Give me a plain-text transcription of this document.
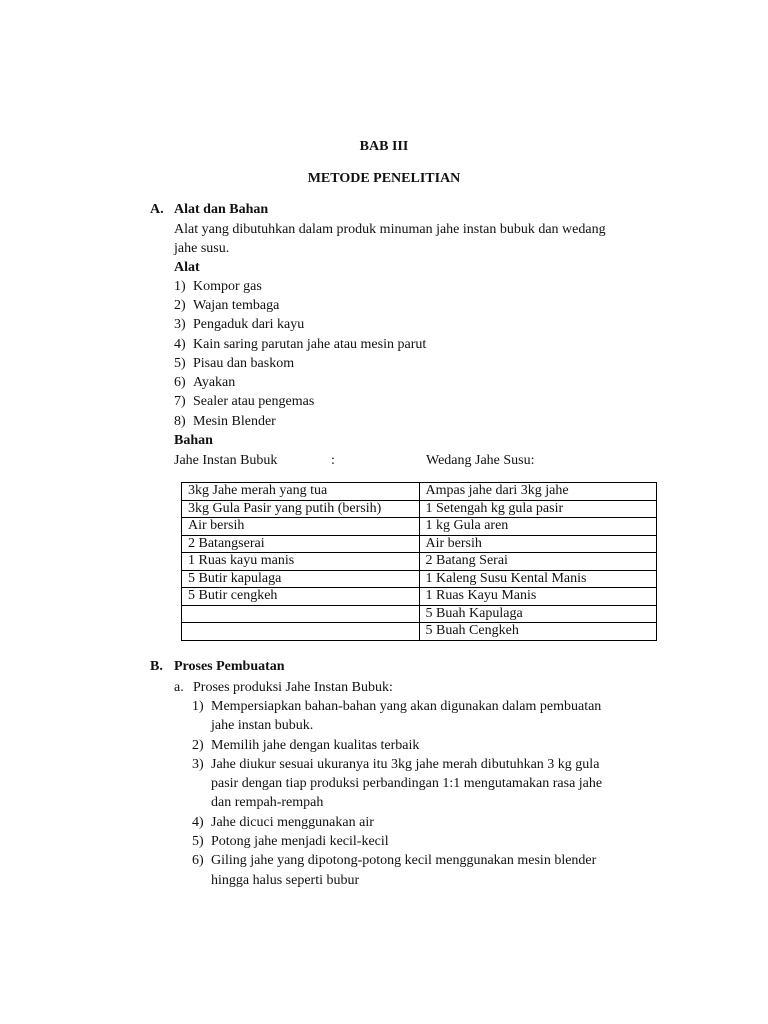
BAB III
METODE PENELITIAN
A. Alat dan Bahan
Alat yang dibutuhkan dalam produk minuman jahe instan bubuk dan wedang
jahe susu.
Alat
1) Kompor gas
2) Wajan tembaga
3) Pengaduk dari kayu
4) Kain saring parutan jahe atau mesin parut
5) Pisau dan baskom
6) Ayakan
7) Sealer atau pengemas
8) Mesin Blender
Bahan
Jahe Instan Bubuk	:	Wedang Jahe Susu:
3kg Jahe merah yang tua	Ampas jahe dari 3kg jahe
3kg Gula Pasir yang putih (bersih)	1 Setengah kg gula pasir
Air bersih	1 kg Gula aren
2 Batangserai	Air bersih
1 Ruas kayu manis	2 Batang Serai
5 Butir kapulaga	1 Kaleng Susu Kental Manis
5 Butir cengkeh	1 Ruas Kayu Manis
	5 Buah Kapulaga
	5 Buah Cengkeh
B. Proses Pembuatan
a. Proses produksi Jahe Instan Bubuk:
1) Mempersiapkan bahan-bahan yang akan digunakan dalam pembuatan
jahe instan bubuk.
2) Memilih jahe dengan kualitas terbaik
3) Jahe diukur sesuai ukuranya itu 3kg jahe merah dibutuhkan 3 kg gula
pasir dengan tiap produksi perbandingan 1:1 mengutamakan rasa jahe
dan rempah-rempah
4) Jahe dicuci menggunakan air
5) Potong jahe menjadi kecil-kecil
6) Giling jahe yang dipotong-potong kecil menggunakan mesin blender
hingga halus seperti bubur
